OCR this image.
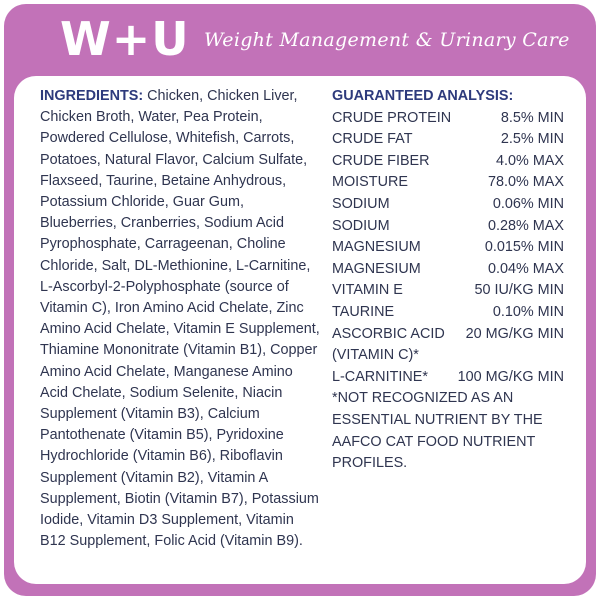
W+U Weight Management & Urinary Care
INGREDIENTS: Chicken, Chicken Liver, Chicken Broth, Water, Pea Protein, Powdered Cellulose, Whitefish, Carrots, Potatoes, Natural Flavor, Calcium Sulfate, Flaxseed, Taurine, Betaine Anhydrous, Potassium Chloride, Guar Gum, Blueberries, Cranberries, Sodium Acid Pyrophosphate, Carrageenan, Choline Chloride, Salt, DL-Methionine, L-Carnitine, L-Ascorbyl-2-Polyphosphate (source of Vitamin C), Iron Amino Acid Chelate, Zinc Amino Acid Chelate, Vitamin E Supplement, Thiamine Mononitrate (Vitamin B1), Copper Amino Acid Chelate, Manganese Amino Acid Chelate, Sodium Selenite, Niacin Supplement (Vitamin B3), Calcium Pantothenate (Vitamin B5), Pyridoxine Hydrochloride (Vitamin B6), Riboflavin Supplement (Vitamin B2), Vitamin A Supplement, Biotin (Vitamin B7), Potassium Iodide, Vitamin D3 Supplement, Vitamin B12 Supplement, Folic Acid (Vitamin B9).
GUARANTEED ANALYSIS:
CRUDE PROTEIN	8.5% MIN
CRUDE FAT	2.5% MIN
CRUDE FIBER	4.0% MAX
MOISTURE	78.0% MAX
SODIUM	0.06% MIN
SODIUM	0.28% MAX
MAGNESIUM	0.015% MIN
MAGNESIUM	0.04% MAX
VITAMIN E	50 IU/KG MIN
TAURINE	0.10% MIN
ASCORBIC ACID 20 MG/KG MIN
(VITAMIN C)*
L-CARNITINE* 100 MG/KG MIN
*NOT RECOGNIZED AS AN ESSENTIAL NUTRIENT BY THE AAFCO CAT FOOD NUTRIENT PROFILES.
